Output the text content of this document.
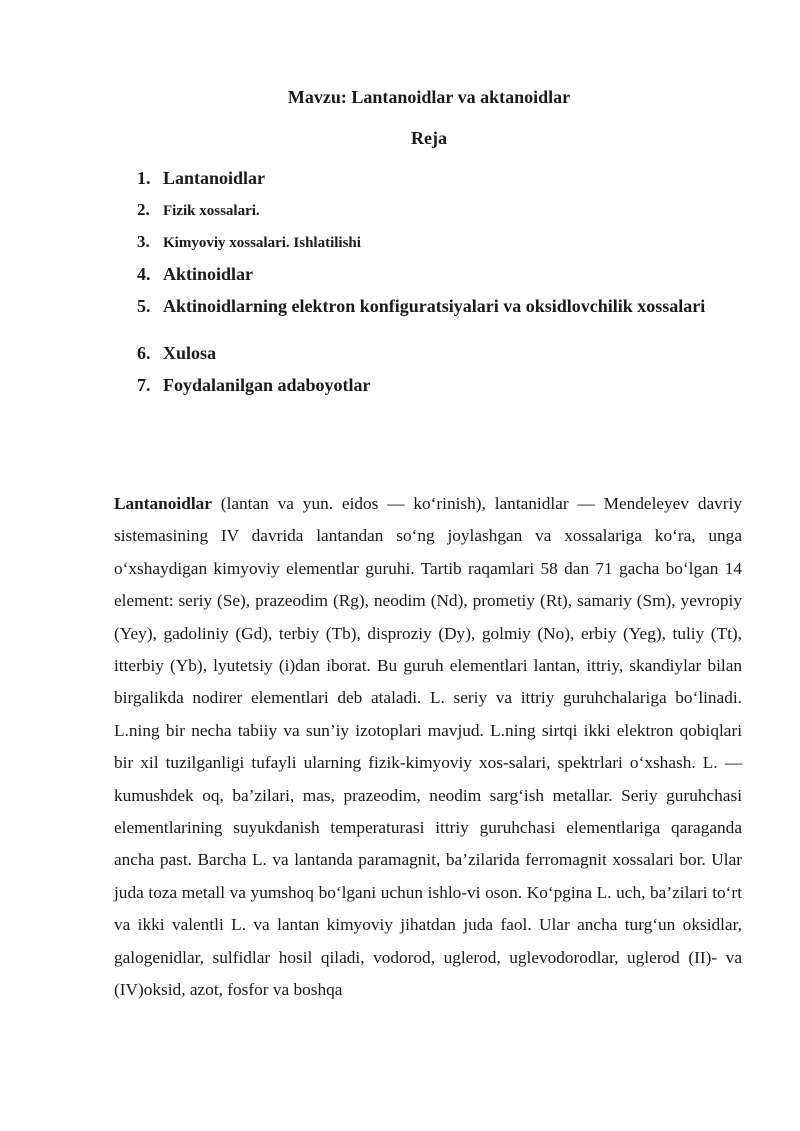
Mavzu: Lantanoidlar va aktanoidlar
Reja
1. Lantanoidlar
2. Fizik xossalari.
3. Kimyoviy xossalari. Ishlatilishi
4. Aktinoidlar
5. Aktinoidlarning elektron konfiguratsiyalari va oksidlovchilik xossalari
6. Xulosa
7. Foydalanilgan adaboyotlar

Lantanoidlar (lantan va yun. eidos — ko‘rinish), lantanidlar — Mendeleyev davriy sistemasining IV davrida lantandan so‘ng joylashgan va xossalariga ko‘ra, unga o‘xshaydigan kimyoviy elementlar guruhi. Tartib raqamlari 58 dan 71 gacha bo‘lgan 14 element: seriy (Se), prazeodim (Rg), neodim (Nd), prometiy (Rt), samariy (Sm), yevropiy (Yey), gadoliniy (Gd), terbiy (Tb), disproziy (Dy), golmiy (No), erbiy (Yeg), tuliy (Tt), itterbiy (Yb), lyutetsiy (i)dan iborat. Bu guruh elementlari lantan, ittriy, skandiylar bilan birgalikda nodirer elementlari deb ataladi. L. seriy va ittriy guruhchalariga bo‘linadi. L.ning bir necha tabiiy va sun’iy izotoplari mavjud. L.ning sirtqi ikki elektron qobiqlari bir xil tuzilganligi tufayli ularning fizik-kimyoviy xos-salari, spektrlari o‘xshash. L. — kumushdek oq, ba’zilari, mas, prazeodim, neodim sarg‘ish metallar. Seriy guruhchasi elementlarining suyukdanish temperaturasi ittriy guruhchasi elementlariga qaraganda ancha past. Barcha L. va lantanda paramagnit, ba’zilarida ferromagnit xossalari bor. Ular juda toza metall va yumshoq bo‘lgani uchun ishlo-vi oson. Ko‘pgina L. uch, ba’zilari to‘rt va ikki valentli L. va lantan kimyoviy jihatdan juda faol. Ular ancha turg‘un oksidlar, galogenidlar, sulfidlar hosil qiladi, vodorod, uglerod, uglevodorodlar, uglerod (II)- va (IV)oksid, azot, fosfor va boshqa
